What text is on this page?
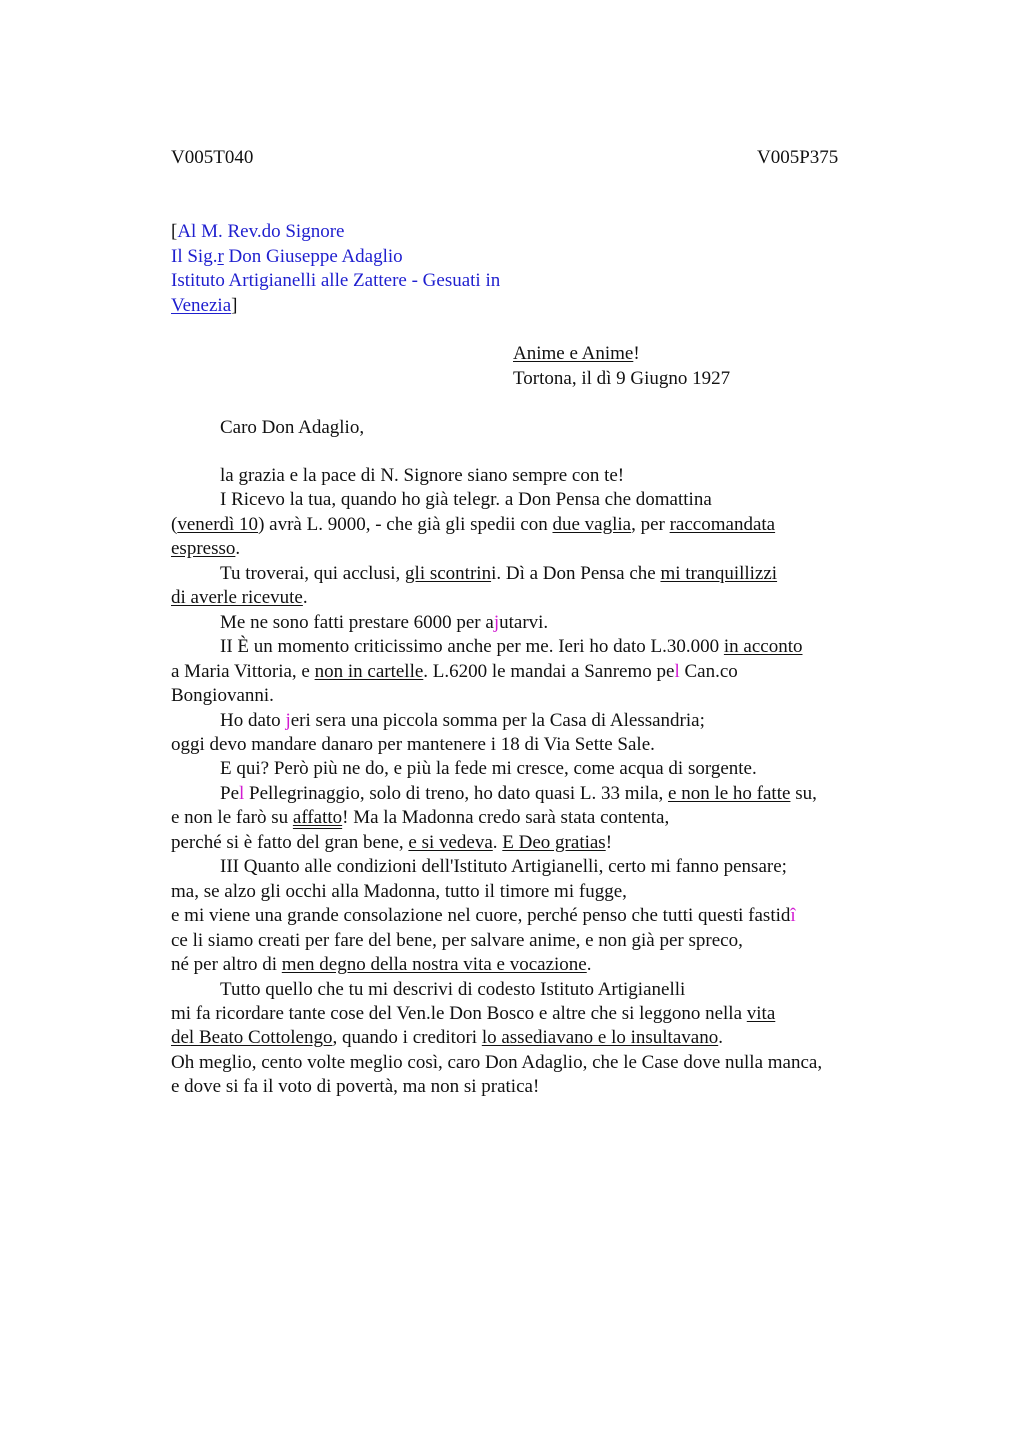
V005T040	V005P375
[Al M. Rev.do Signore
Il Sig.r Don Giuseppe Adaglio
Istituto Artigianelli alle Zattere - Gesuati in
Venezia]
Anime e Anime!
Tortona, il dì 9 Giugno 1927
Caro Don Adaglio,
la grazia e la pace di N. Signore siano sempre con te!
I Ricevo la tua, quando ho già telegr. a Don Pensa che domattina
(venerdì 10) avrà L. 9000, - che già gli spedii con due vaglia, per raccomandata
espresso.
Tu troverai, qui acclusi, gli scontrini. Dì a Don Pensa che mi tranquillizzi
di averle ricevute.
Me ne sono fatti prestare 6000 per ajutarvi.
II È un momento criticissimo anche per me. Ieri ho dato L.30.000 in acconto
a Maria Vittoria, e non in cartelle. L.6200 le mandai a Sanremo pel Can.co
Bongiovanni.
Ho dato jeri sera una piccola somma per la Casa di Alessandria;
oggi devo mandare danaro per mantenere i 18 di Via Sette Sale.
E qui? Però più ne do, e più la fede mi cresce, come acqua di sorgente.
Pel Pellegrinaggio, solo di treno, ho dato quasi L. 33 mila, e non le ho fatte su,
e non le farò su affatto! Ma la Madonna credo sarà stata contenta,
perché si è fatto del gran bene, e si vedeva. E Deo gratias!
III Quanto alle condizioni dell'Istituto Artigianelli, certo mi fanno pensare;
ma, se alzo gli occhi alla Madonna, tutto il timore mi fugge,
e mi viene una grande consolazione nel cuore, perché penso che tutti questi fastidî
ce li siamo creati per fare del bene, per salvare anime, e non già per spreco,
né per altro di men degno della nostra vita e vocazione.
Tutto quello che tu mi descrivi di codesto Istituto Artigianelli
mi fa ricordare tante cose del Ven.le Don Bosco e altre che si leggono nella vita
del Beato Cottolengo, quando i creditori lo assediavano e lo insultavano.
Oh meglio, cento volte meglio così, caro Don Adaglio, che le Case dove nulla manca,
e dove si fa il voto di povertà, ma non si pratica!
